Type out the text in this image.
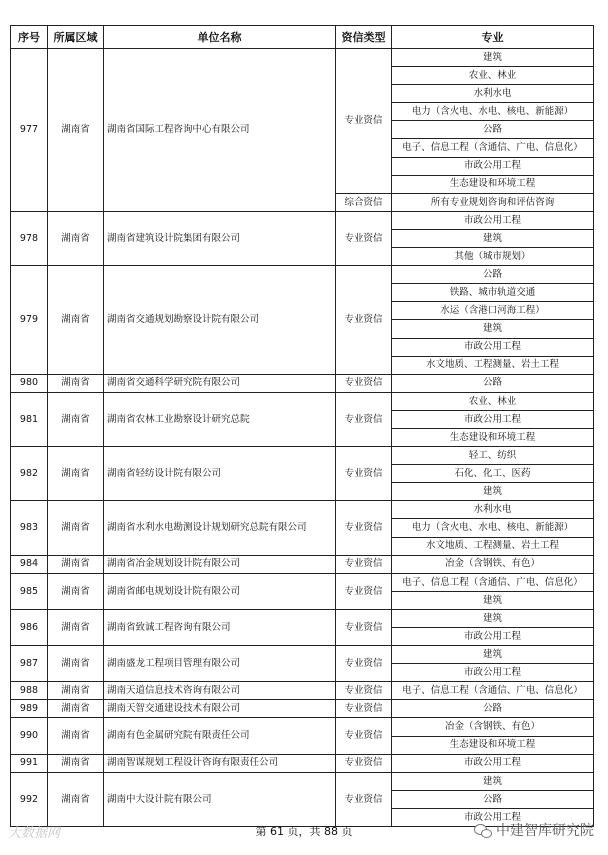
序号	所属区域	单位名称	资信类型	专业
977	湖南省	湖南省国际工程咨询中心有限公司	专业资信	建筑
				农业、林业
				水利水电
				电力（含火电、水电、核电、新能源）
				公路
				电子、信息工程（含通信、广电、信息化）
				市政公用工程
				生态建设和环境工程
			综合资信	所有专业规划咨询和评估咨询
978	湖南省	湖南省建筑设计院集团有限公司	专业资信	市政公用工程
				建筑
				其他（城市规划）
979	湖南省	湖南省交通规划勘察设计院有限公司	专业资信	公路
				铁路、城市轨道交通
				水运（含港口河海工程）
				建筑
				市政公用工程
				水文地质、工程测量、岩土工程
980	湖南省	湖南省交通科学研究院有限公司	专业资信	公路
981	湖南省	湖南省农林工业勘察设计研究总院	专业资信	农业、林业
				市政公用工程
				生态建设和环境工程
982	湖南省	湖南省轻纺设计院有限公司	专业资信	轻工、纺织
				石化、化工、医药
				建筑
983	湖南省	湖南省水利水电勘测设计规划研究总院有限公司	专业资信	水利水电
				电力（含火电、水电、核电、新能源）
				水文地质、工程测量、岩土工程
984	湖南省	湖南省冶金规划设计院有限公司	专业资信	冶金（含钢铁、有色）
985	湖南省	湖南省邮电规划设计院有限公司	专业资信	电子、信息工程（含通信、广电、信息化）
				建筑
986	湖南省	湖南省致诚工程咨询有限公司	专业资信	建筑
				市政公用工程
987	湖南省	湖南盛龙工程项目管理有限公司	专业资信	建筑
				市政公用工程
988	湖南省	湖南天道信息技术咨询有限公司	专业资信	电子、信息工程（含通信、广电、信息化）
989	湖南省	湖南天智交通建设技术有限公司	专业资信	公路
990	湖南省	湖南有色金属研究院有限责任公司	专业资信	冶金（含钢铁、有色）
				生态建设和环境工程
991	湖南省	湖南智谋规划工程设计咨询有限责任公司	专业资信	市政公用工程
992	湖南省	湖南中大设计院有限公司	专业资信	建筑
				公路
				市政公用工程
第 61 页，共 88 页
大数据网	中建智库研究院
